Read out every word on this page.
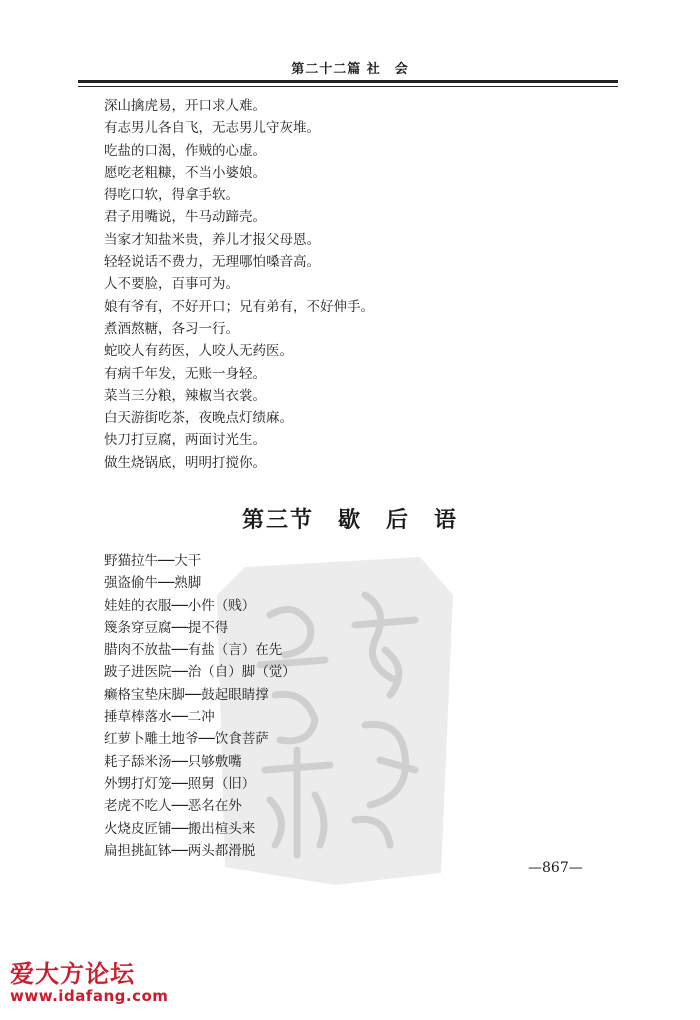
第二十二篇 社　会
深山擒虎易，开口求人难。
有志男儿各自飞，无志男儿守灰堆。
吃盐的口渴，作贼的心虚。
愿吃老粗糠，不当小婆娘。
得吃口软，得拿手软。
君子用嘴说，牛马动蹄壳。
当家才知盐米贵，养儿才报父母恩。
轻轻说话不费力，无理哪怕嗓音高。
人不要脸，百事可为。
娘有爷有，不好开口；兄有弟有，不好伸手。
煮酒熬糖，各习一行。
蛇咬人有药医，人咬人无药医。
有病千年发，无账一身轻。
菜当三分粮，辣椒当衣裳。
白天游街吃茶，夜晚点灯绩麻。
快刀打豆腐，两面讨光生。
做生烧锅底，明明打搅你。
第三节　歇　后　语
野猫拉牛──大干
强盗偷牛──熟脚
娃娃的衣服──小件（贱）
篾条穿豆腐──提不得
腊肉不放盐──有盐（言）在先
跛子进医院──治（自）脚（觉）
癞格宝垫床脚──鼓起眼睛撑
捶草棒落水──二冲
红萝卜雕土地爷──饮食菩萨
耗子舔米汤──只够敷嘴
外甥打灯笼──照舅（旧）
老虎不吃人──恶名在外
火烧皮匠铺──搬出楦头来
扁担挑缸钵──两头都滑脱
—867—
爱大方论坛
www.idafang.com
